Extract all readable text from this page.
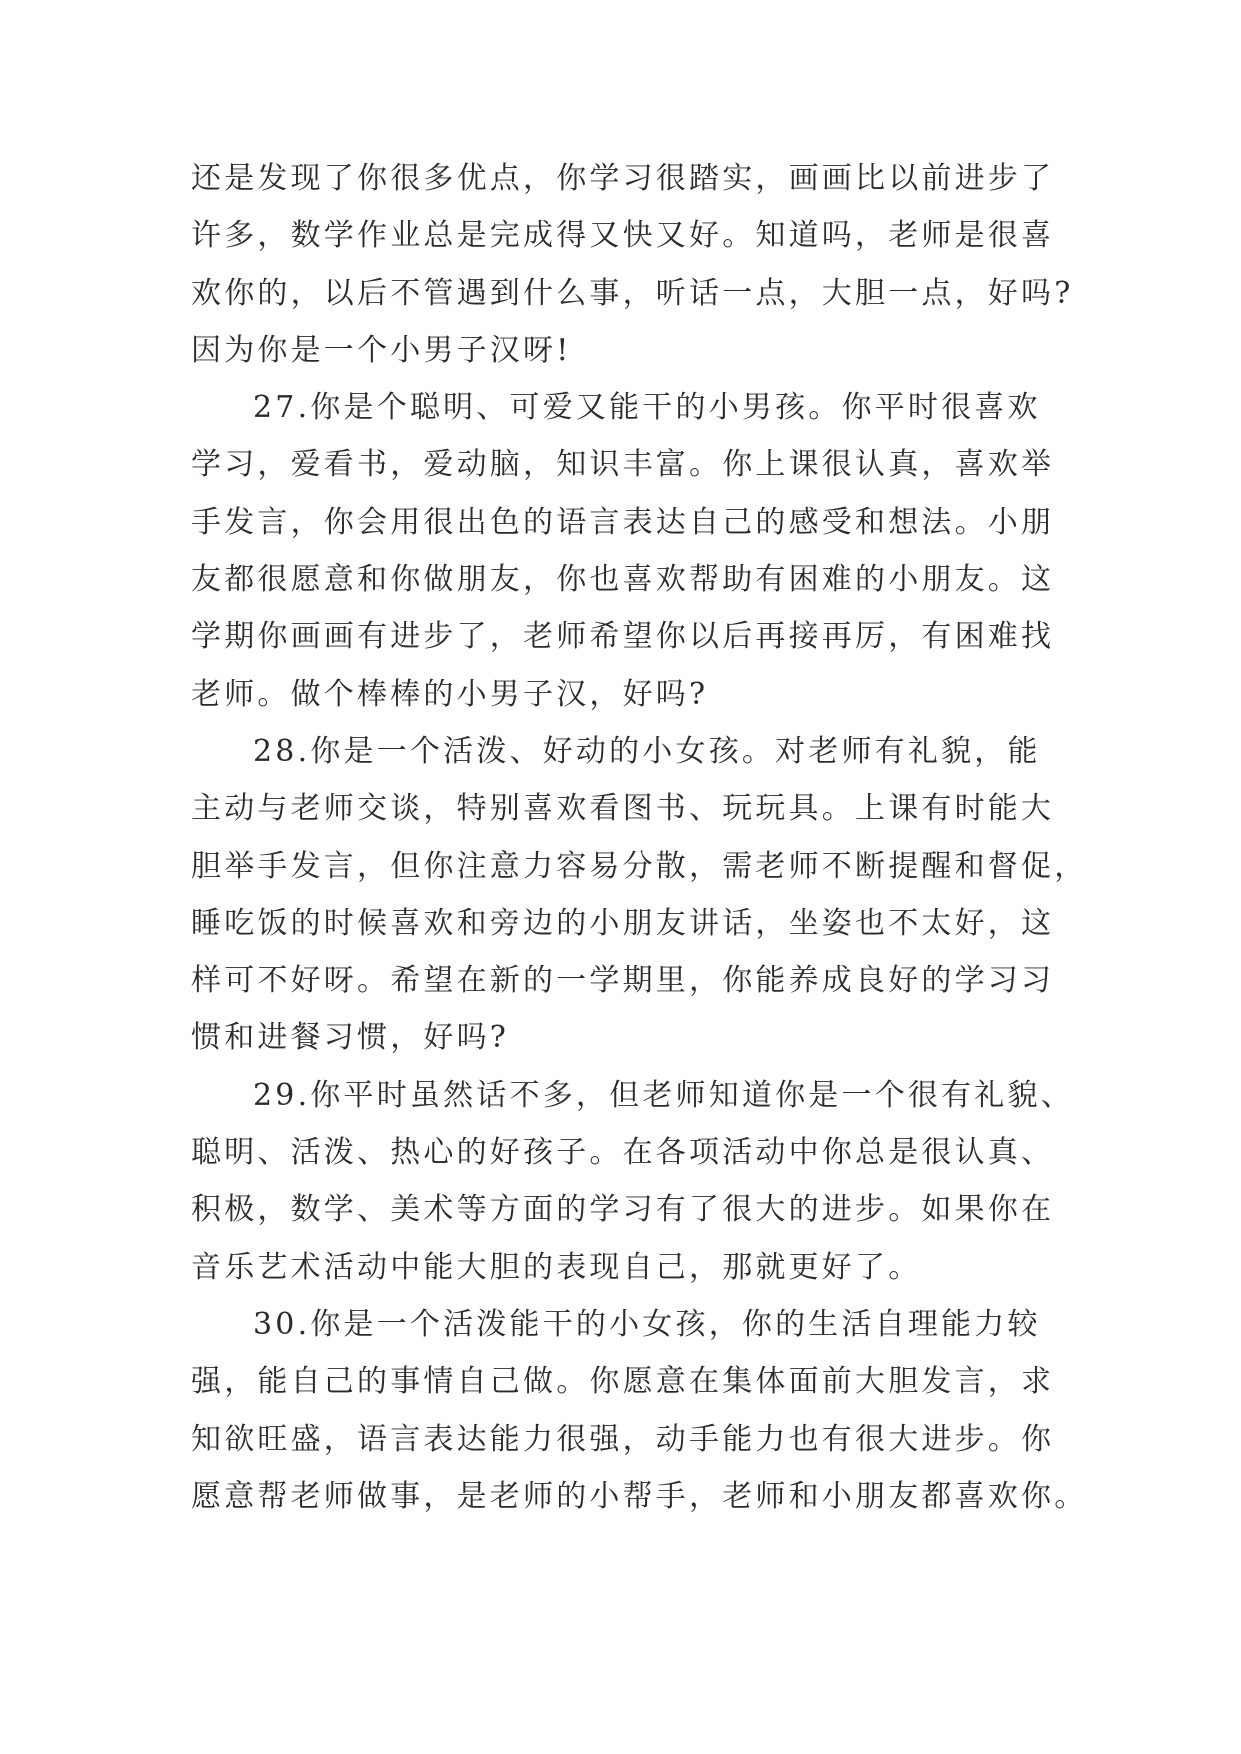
还是发现了你很多优点，你学习很踏实，画画比以前进步了
许多，数学作业总是完成得又快又好。知道吗，老师是很喜
欢你的，以后不管遇到什么事，听话一点，大胆一点，好吗?
因为你是一个小男子汉呀!
27.你是个聪明、可爱又能干的小男孩。你平时很喜欢
学习，爱看书，爱动脑，知识丰富。你上课很认真，喜欢举
手发言，你会用很出色的语言表达自己的感受和想法。小朋
友都很愿意和你做朋友，你也喜欢帮助有困难的小朋友。这
学期你画画有进步了，老师希望你以后再接再厉，有困难找
老师。做个棒棒的小男子汉，好吗?
28.你是一个活泼、好动的小女孩。对老师有礼貌，能
主动与老师交谈，特别喜欢看图书、玩玩具。上课有时能大
胆举手发言，但你注意力容易分散，需老师不断提醒和督促，
睡吃饭的时候喜欢和旁边的小朋友讲话，坐姿也不太好，这
样可不好呀。希望在新的一学期里，你能养成良好的学习习
惯和进餐习惯，好吗?
29.你平时虽然话不多，但老师知道你是一个很有礼貌、
聪明、活泼、热心的好孩子。在各项活动中你总是很认真、
积极，数学、美术等方面的学习有了很大的进步。如果你在
音乐艺术活动中能大胆的表现自己，那就更好了。
30.你是一个活泼能干的小女孩，你的生活自理能力较
强，能自己的事情自己做。你愿意在集体面前大胆发言，求
知欲旺盛，语言表达能力很强，动手能力也有很大进步。你
愿意帮老师做事，是老师的小帮手，老师和小朋友都喜欢你。
